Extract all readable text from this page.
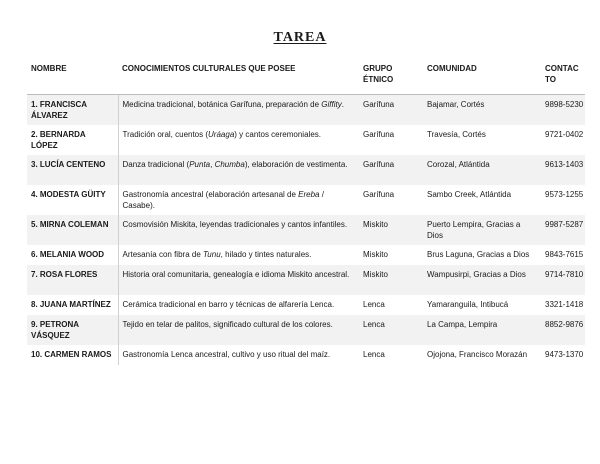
TAREA
NOMBRE	CONOCIMIENTOS CULTURALES QUE POSEE	GRUPO ÉTNICO	COMUNIDAD	CONTACTO
1. FRANCISCA ÁLVAREZ	Medicina tradicional, botánica Garífuna, preparación de Giffity.	Garífuna	Bajamar, Cortés	9898-5230
2. BERNARDA LÓPEZ	Tradición oral, cuentos (Uráaga) y cantos ceremoniales.	Garífuna	Travesía, Cortés	9721-0402
3. LUCÍA CENTENO	Danza tradicional (Punta, Chumba), elaboración de vestimenta.	Garífuna	Corozal, Atlántida	9613-1403
4. MODESTA GÜITY	Gastronomía ancestral (elaboración artesanal de Ereba / Casabe).	Garífuna	Sambo Creek, Atlántida	9573-1255
5. MIRNA COLEMAN	Cosmovisión Miskita, leyendas tradicionales y cantos infantiles.	Miskito	Puerto Lempira, Gracias a Dios	9987-5287
6. MELANIA WOOD	Artesanía con fibra de Tunu, hilado y tintes naturales.	Miskito	Brus Laguna, Gracias a Dios	9843-7615
7. ROSA FLORES	Historia oral comunitaria, genealogía e idioma Miskito ancestral.	Miskito	Wampusirpi, Gracias a Dios	9714-7810
8. JUANA MARTÍNEZ	Cerámica tradicional en barro y técnicas de alfarería Lenca.	Lenca	Yamaranguila, Intibucá	3321-1418
9. PETRONA VÁSQUEZ	Tejido en telar de palitos, significado cultural de los colores.	Lenca	La Campa, Lempira	8852-9876
10. CARMEN RAMOS	Gastronomía Lenca ancestral, cultivo y uso ritual del maíz.	Lenca	Ojojona, Francisco Morazán	9473-1370
